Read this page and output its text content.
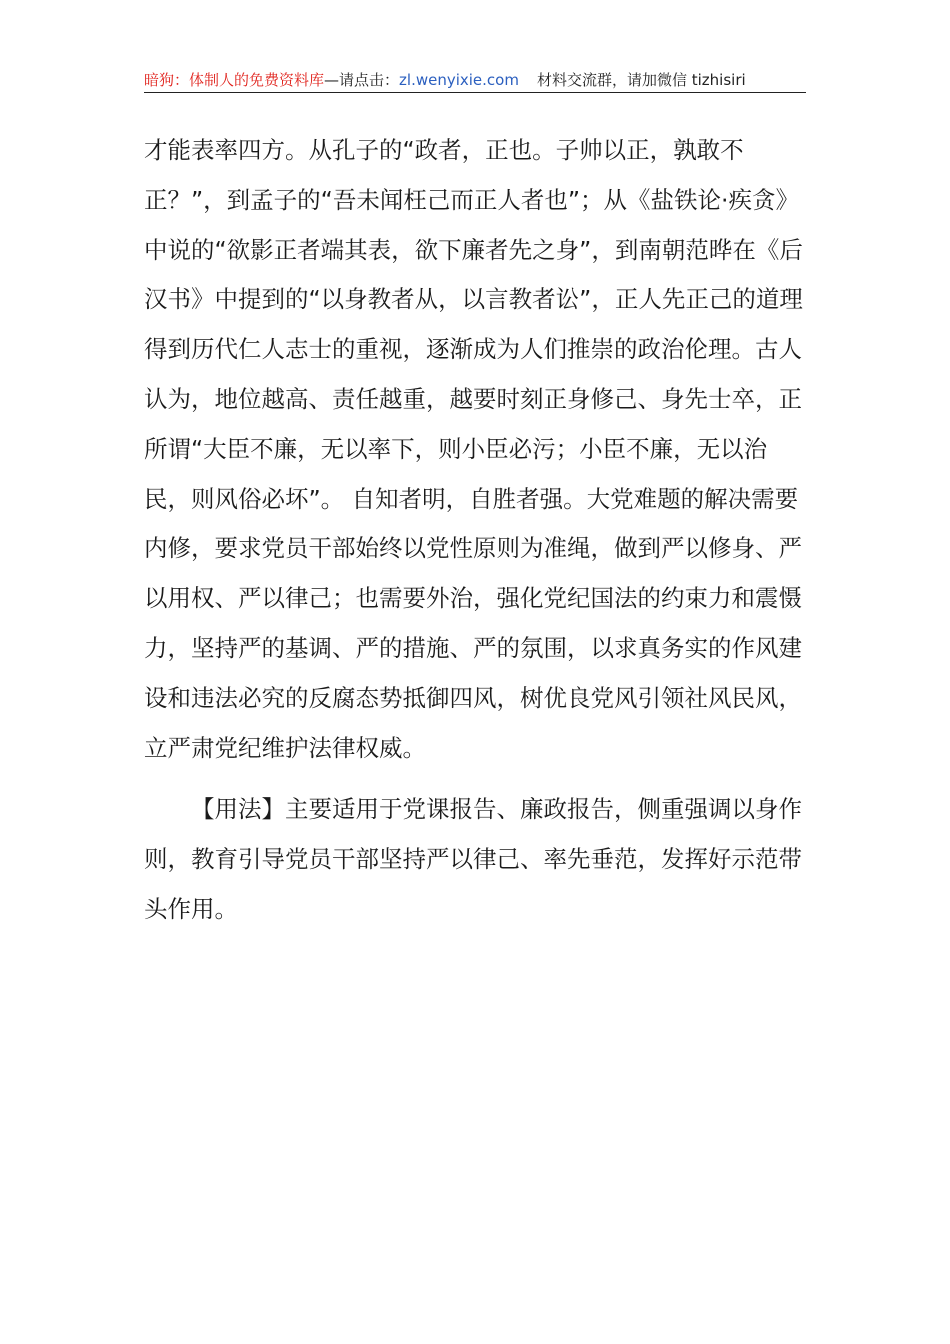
暗狗：体制人的免费资料库—请点击：zl.wenyixie.com 材料交流群，请加微信 tizhisiri

才能表率四方。从孔子的“政者，正也。子帅以正，孰敢不正？”，到孟子的“吾未闻枉己而正人者也”；从《盐铁论·疾贪》中说的“欲影正者端其表，欲下廉者先之身”，到南朝范晔在《后汉书》中提到的“以身教者从，以言教者讼”，正人先正己的道理得到历代仁人志士的重视，逐渐成为人们推崇的政治伦理。古人认为，地位越高、责任越重，越要时刻正身修己、身先士卒，正所谓“大臣不廉，无以率下，则小臣必污；小臣不廉，无以治民，则风俗必坏”。 自知者明，自胜者强。大党难题的解决需要内修，要求党员干部始终以党性原则为准绳，做到严以修身、严以用权、严以律己；也需要外治，强化党纪国法的约束力和震慑力，坚持严的基调、严的措施、严的氛围，以求真务实的作风建设和违法必究的反腐态势抵御四风，树优良党风引领社风民风，立严肃党纪维护法律权威。

【用法】主要适用于党课报告、廉政报告，侧重强调以身作则，教育引导党员干部坚持严以律己、率先垂范，发挥好示范带头作用。
